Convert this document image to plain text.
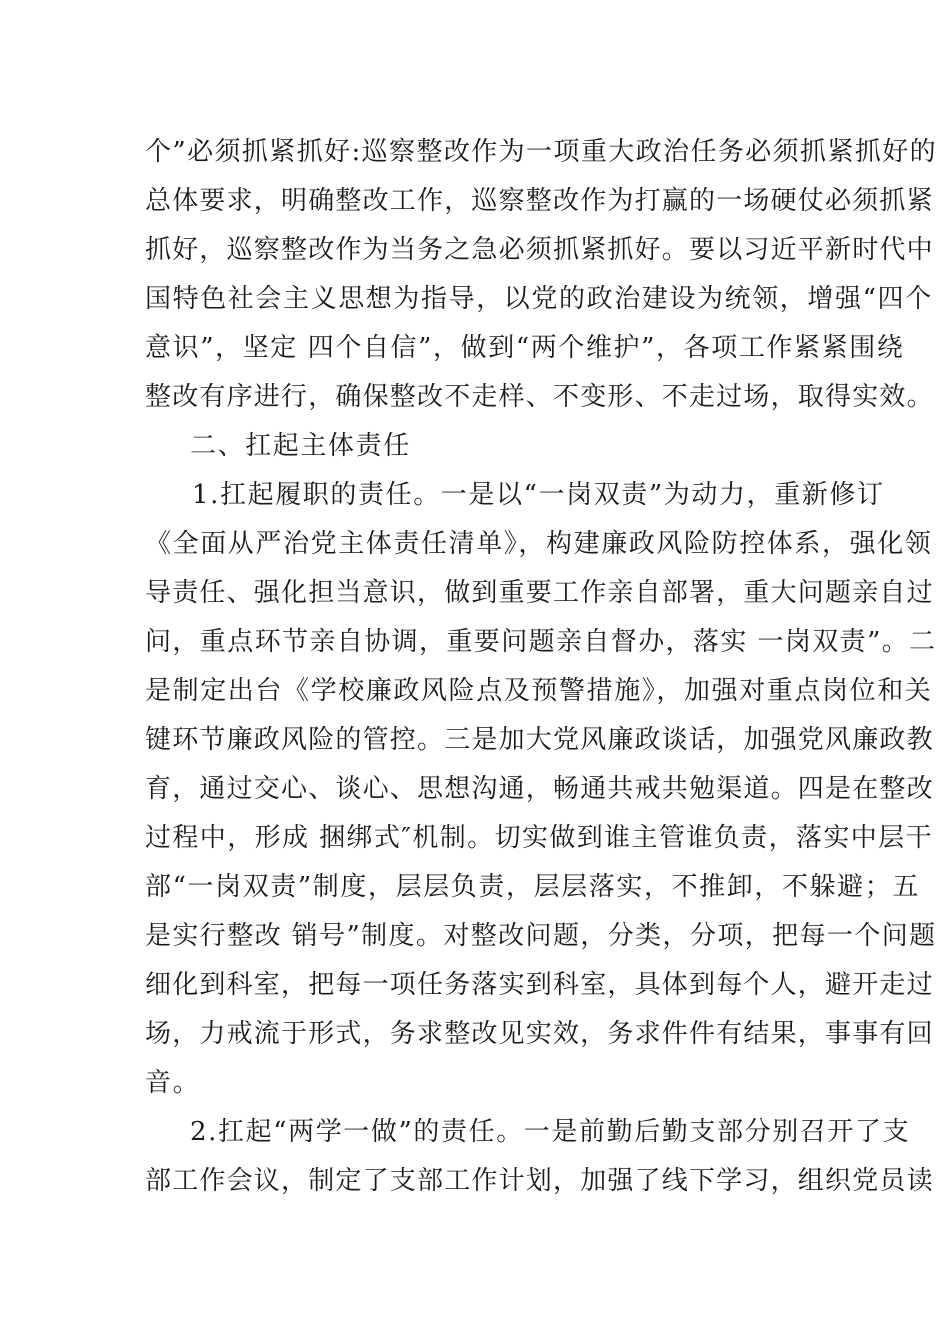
个”必须抓紧抓好:巡察整改作为一项重大政治任务必须抓紧抓好的
总体要求，明确整改工作，巡察整改作为打赢的一场硬仗必须抓紧
抓好，巡察整改作为当务之急必须抓紧抓好。要以习近平新时代中
国特色社会主义思想为指导，以党的政治建设为统领，增强“四个
意识”，坚定 四个自信”，做到“两个维护”，各项工作紧紧围绕
整改有序进行，确保整改不走样、不变形、不走过场，取得实效。
二、扛起主体责任
1.扛起履职的责任。一是以“一岗双责”为动力，重新修订
《全面从严治党主体责任清单》，构建廉政风险防控体系，强化领
导责任、强化担当意识，做到重要工作亲自部署，重大问题亲自过
问，重点环节亲自协调，重要问题亲自督办，落实 一岗双责”。二
是制定出台《学校廉政风险点及预警措施》，加强对重点岗位和关
键环节廉政风险的管控。三是加大党风廉政谈话，加强党风廉政教
育，通过交心、谈心、思想沟通，畅通共戒共勉渠道。四是在整改
过程中，形成 捆绑式″机制。切实做到谁主管谁负责，落实中层干
部“一岗双责”制度，层层负责，层层落实，不推卸，不躲避；五
是实行整改 销号”制度。对整改问题，分类，分项，把每一个问题
细化到科室，把每一项任务落实到科室，具体到每个人，避开走过
场，力戒流于形式，务求整改见实效，务求件件有结果，事事有回
音。
2.扛起“两学一做”的责任。一是前勤后勤支部分别召开了支
部工作会议，制定了支部工作计划，加强了线下学习，组织党员读
